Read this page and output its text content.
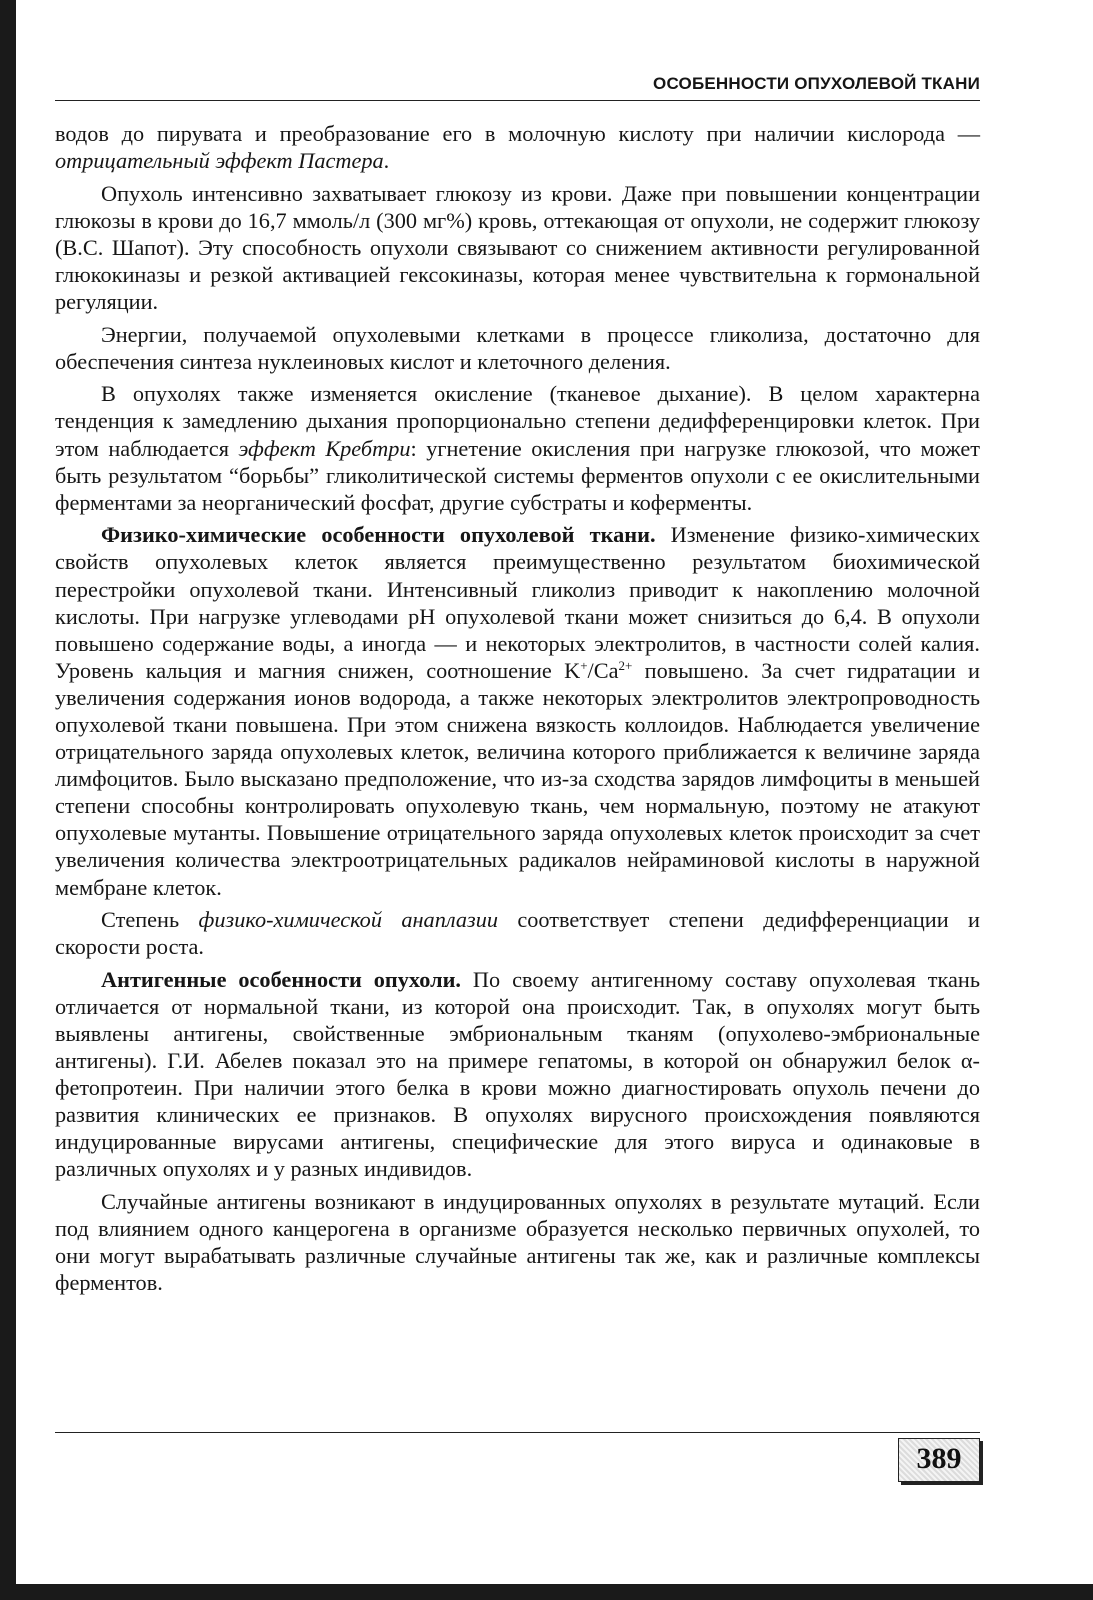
ОСОБЕННОСТИ ОПУХОЛЕВОЙ ТКАНИ

водов до пирувата и преобразование его в молочную кислоту при наличии кислорода — отрицательный эффект Пастера.

Опухоль интенсивно захватывает глюкозу из крови. Даже при повышении концентрации глюкозы в крови до 16,7 ммоль/л (300 мг%) кровь, оттекающая от опухоли, не содержит глюкозу (В.С. Шапот). Эту способность опухоли связывают со снижением активности регулированной глюкокиназы и резкой активацией гексокиназы, которая менее чувствительна к гормональной регуляции.

Энергии, получаемой опухолевыми клетками в процессе гликолиза, достаточно для обеспечения синтеза нуклеиновых кислот и клеточного деления.

В опухолях также изменяется окисление (тканевое дыхание). В целом характерна тенденция к замедлению дыхания пропорционально степени дедифференцировки клеток. При этом наблюдается эффект Кребтри: угнетение окисления при нагрузке глюкозой, что может быть результатом “борьбы” гликолитической системы ферментов опухоли с ее окислительными ферментами за неорганический фосфат, другие субстраты и коферменты.

Физико-химические особенности опухолевой ткани. Изменение физико-химических свойств опухолевых клеток является преимущественно результатом биохимической перестройки опухолевой ткани. Интенсивный гликолиз приводит к накоплению молочной кислоты. При нагрузке углеводами pH опухолевой ткани может снизиться до 6,4. В опухоли повышено содержание воды, а иногда — и некоторых электролитов, в частности солей калия. Уровень кальция и магния снижен, соотношение $K^+/Ca^{2+}$ повышено. За счет гидратации и увеличения содержания ионов водорода, а также некоторых электролитов электропроводность опухолевой ткани повышена. При этом снижена вязкость коллоидов. Наблюдается увеличение отрицательного заряда опухолевых клеток, величина которого приближается к величине заряда лимфоцитов. Было высказано предположение, что из-за сходства зарядов лимфоциты в меньшей степени способны контролировать опухолевую ткань, чем нормальную, поэтому не атакуют опухолевые мутанты. Повышение отрицательного заряда опухолевых клеток происходит за счет увеличения количества электроотрицательных радикалов нейраминовой кислоты в наружной мембране клеток.

Степень физико-химической анаплазии соответствует степени дедифференциации и скорости роста.

Антигенные особенности опухоли. По своему антигенному составу опухолевая ткань отличается от нормальной ткани, из которой она происходит. Так, в опухолях могут быть выявлены антигены, свойственные эмбриональным тканям (опухолево-эмбриональные антигены). Г.И. Абелев показал это на примере гепатомы, в которой он обнаружил белок α-фетопротеин. При наличии этого белка в крови можно диагностировать опухоль печени до развития клинических ее признаков. В опухолях вирусного происхождения появляются индуцированные вирусами антигены, специфические для этого вируса и одинаковые в различных опухолях и у разных индивидов.

Случайные антигены возникают в индуцированных опухолях в результате мутаций. Если под влиянием одного канцерогена в организме образуется несколько первичных опухолей, то они могут вырабатывать различные случайные антигены так же, как и различные комплексы ферментов.

389
